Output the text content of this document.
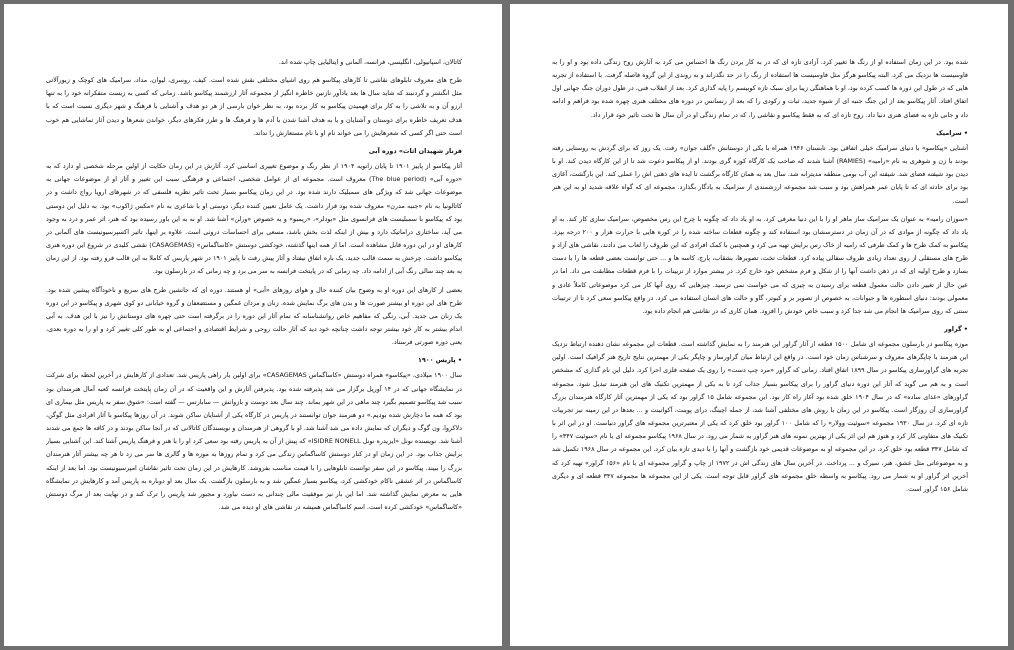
کاتالان، اسپانیولی، انگلیسی، فرانسه، آلمانی و ایتالیایی چاپ شده اند.

طرح های معروف تابلوهای نقاشی تا کارهای پیکاسو هم روی اشیای مختلفی نقش شده است. کیف، روسری، لیوان، مداد، سرامیک های کوچک و زیورآلاتی مثل انگشتر و گردنبند که شاید سال ها بعد یادآور نازنین خاطره انگیز از مجموعه آثار ارزشمند پیکاسو باشد. زمانی که کسی به زیست متفکرانه خود را به تنها ارزو آن و به تلاشی را به کار برای فهمیدن پیکاسو به کار برده بود، به نظر خوان بارسی از هر دو هدف و آشنایی با فرهنگ و شهر دیگری نسبت است که با هدف تعریف خاطره برای دوستان و آشنایان و یا به هدف آشنا شدن با آدم ها و فرهنگ ها و طرز فکرهای دیگر، خواندن شعرها و دیدن آثار تماشایی هم خوب است حتی اگر کسی که شعرهایش را می خواند نام او با نام مستعارش را نداند.

فرنار شهیدان اثاث» دوره آبی

آثار پیکاسو از پاییز ۱۹۰۱ تا پایان زانویه ۱۹۰۴ از نظر رنگ و موضوع تغییری اساسی کرد. آثارش در این زمان حکایت از اولین مرحله شخصی او دارد که به «دوره آبی» (The blue period) معروف است. مجموعه ای از عوامل شخصی، اجتماعی و فرهنگی سبب این تغییر و آثار او از موضوعات جهانی به موضوعات جهانی شد که ویژگی های سمبلیک دارند شده بود. در این زمان پیکاسو بسیار تحت تاثیر نظریه فلسفی که در شهرهای اروپا رواج داشت و در کاتالونیا به نام «جنبه مدرن» معروف شده بود قرار داشت. یک عامل تعیین کننده دیگر، دوستی او با شاعری به نام «مکس ژاکوب» بود. به دلیل این دوستی بود که پیکاسو با سمبلیست های فرانسوی مثل «بودلر»، «ریمبو» و به خصوص «ورلن» آشنا شد. او نه به این باور رسیده بود که هنر، اثر عمر و درد به وجود می آید، ساختاری دراماتیک دارد و بیش از اینکه لذت بخش باشد، مسعی برای احساسات درونی است. علاوه بر اینها، تاثیر اکسپرسیونیست های آلمانی در کارهای او در این دوره قابل مشاهده است. اما از همه اینها گذشته، خودکشی دوستش «کاساگماس» (CASAGEMAS) نقشی کلیدی در شروع این دوره هنری پیکاسو داشت. چرخش به سمت قالب جدید، یک باره اتفاق نیفتاد و آثار پیش رفت تا پاییز ۱۹۰۱ در شهر پاریس که کاملا به این قالب فرو رفته بود. از این زمان به بعد چند سالی رنگ آبی از ادامه داد. چه زمانی که در پایتخت فرانسه به سر می برد و چه زمانی که در بارسلون بود.

بعضی از کارهای این دوره او به وضوح بیان کننده حال و هوای روزهای «آبی» او هستند. دوره ای که جانشین طرح های سریع و ناخودآگاه پیشین شده بود. طرح های این دوره او بیشتر صورت ها و بدن های برگ نمایش شده. زنان و مردان غمگین و مستضعفان و گروه خیابانی دو کوی شهری و پیکاسو در این دوره یک زنان می جدید. آبی، رنگی که مفاهیم خاص روانشناسانه که تمام آثار این دوره را در برگرفته است حتی چهره های دوستانش را نیز با این هدف. به آبی اندام بیشتر به کار خود بیشتر توجه داشت چنانچه خود دید که آثار حالت روحی و شرایط اقتصادی و اجتماعی او به طور کلی تغییر کرد و او را به دوره بعدی، یعنی دوره صورتی فرستاد.

• پاریس ۱۹۰۰

سال ۱۹۰۰ میلادی، «پیکاسو» همراه دوستش «کاساگماس CASAGEMAS» برای اولین بار راهی پاریس شد. تعدادی از کارهایش در آخرین لحظه برای شرکت در نمایشگاه جهانی که در ۱۴ آوریل برگزار می شد پذیرفته شده بود. پذیرفتن آثارش و این واقعیت که در آن زمان پایتخت فرانسه کعبه آمال هنرمندان بود سبب شد پیکاسو تصمیم بگیرد چند ماهی در این شهر بماند. چند سال بعد دوست و بازوانش — سابارتس — گفته است: «شوق سفر به پاریس مثل بیماری ای بود که همه ما دچارش شده بودیم.» دو هنرمند جوان توانستند در پاریس در کارگاه یکی از آشنایان ساکن شوند. در آن روزها پیکاسو با آثار افرادی مثل گوگن، دلاکروا، ون گوگ و دیگران که نمایش داده می شد آشنا شد. او با گروهی از هنرمندان و نویسندگان کاتالانی که در آنجا ساکن بودند و در کافه ها جمع می شدند آشنا شد. نویسنده نونل «ایزیدره نونل ISIDRE NONELL» که پیش از آن به پاریس رفته بود سعی کرد او را با هنر و فرهنگ پاریس آشنا کند. این آشنایی بسیار برایش جذاب بود. در این زمان او در کنار دوستش کاساگماس زندگی می کرد و تمام روزها به موزه ها و گالری ها سر می زد تا هر چه بیشتر آثار هنرمندان بزرگ را ببیند. پیکاسو در این سفر توانست تابلوهایی را با قیمت مناسب بفروشد. کارهایش در این زمان تحت تاثیر نقاشان امپرسیونیست بود. اما بعد از اینکه کاساگماس در اثر عشقی ناکام خودکشی کرد، پیکاسو بسیار غمگین شد و به بارسلون بازگشت. یک سال بعد او دوباره به پاریس آمد و کارهایش در نمایشگاه هایی به معرض نمایش گذاشته شد. اما این بار نیز موفقیت مالی چندانی به دست نیاورد و مجبور شد پاریس را ترک کند و در نهایت بعد از مرگ دوستش «کاساگماس» خودکشی کرده است. اسم کاساگماس همیشه در نقاشی های او دیده می شد.

شده بود. در این زمان استفاده او از رنگ ها تغییر کرد. آزادی تازه ای که در به کار بردن رنگ ها احساس می کرد به آثارش روح زندگی داده بود و او را به فاوسیست ها نزدیک می کرد. البته پیکاسو هرگز مثل فاوسیست ها استفاده از رنگ را در حد نگذراند و به روندی از این گروه فاصله گرفت. با استفاده از تجربه هایی که در طول این دوره ها کسب کرده بود، او با هماهنگی زیبا برای سبک تازه کوبیسم را پایه گذاری کرد. بعد از انقلاب فنی، در طول دوران جنگ جهانی اول اتفاق افتاد. آثار پیکاسو بعد از این جنگ جنبه ای از شیوه جدید، ثبات و رکودی را که بعد از رنسانس در دوره های مختلف هنری چهره شده بود فراهم و ادامه داد و جانی تازه به فضای هنری دنیا داد. روح تازه ای که به فقط پیکاسو و نقاشی را، که در تمام زندگی او در آن سال ها تحت تاثیر خود قرار داد.

• سرامیک

آشنایی «پیکاسو» با دنیای سرامیک خیلی اتفاقی بود. تابستان ۱۹۴۶ همراه با یکی از دوستانش «گلف جوان» رفت. یک روز که برای گردش به روستایی رفته بودند با زن و شوهری به نام «رامیه» (RAMIES) آشنا شدند که صاحب یک کارگاه کوزه گری بودند. او از پیکاسو دعوت شد تا از این کارگاه دیدن کند. او با دیدن بود شیفته فضای شد. شیفته این آب بومی منطقه مدیترانه شد. سال بعد به همان کارگاه برگشت تا ایده های ذهنی اش را عملی کند. این بارگشت، آغازی بود برای حادثه ای که تا پایان عمر همراهش بود و سبب شد مجموعه ارزشمندی از سرامیک به یادگار بگذارد. مجموعه ای که گواه علاقه شدید او به این هنر است.

«سوزان رامیه» به عنوان یک سرامیک ساز ماهر او را با این دنیا معرفی کرد. به او یاد داد که چگونه با چرخ این رس مخصوص، سرامیک سازی کار کند. به او یاد داد که چگونه از موادی که در آن زمان در دسترسشان بود استفاده کند و چگونه قطعات ساخته شده را در کوره هایی با حرارت هزار و ۲۰۰ درجه بپزد. پیکاسو به کمک طرح ها و کمک طرفی که رامیه از خاک رس برایش تهیه می کرد و همچنین با کمک افرادی که این ظروف را لعاب می دادند، نقاشی های آزاد و طرح های مستقلی از روی تعداد زیادی ظروف سفالی پیاده کرد. قطعات تخت، تصویرها، بشقاب، پارچ، کاسه ها و ... حتی توانست بعضی قطعه ها را با دست بسازد و طرح اولیه ای که در ذهن داشت آنها را از شکل و فرم مشخص خود خارج کرد. در بیشتر موارد از تزیینات را با فرم قطعات مطابقت می داد. اما در عین حال از تغییر دادن حالت معمول قطعه برای رسیدن به چیزی که می خواست نمی ترسید. چیزهایی که روی آنها کار می کرد موضوعاتی کاملاً عادی و معمولی بودند: دنیای اسطوره ها و حیوانات، به خصوص از تصویر بز و کبوتر، گاو و حالت های انسان استفاده می کرد. در واقع پیکاسو سعی کرد تا از ترتیبات سنتی که روی سرامیک ها انجام می شد جدا کرد و سبب خاص خودش را افزود. همان کاری که در نقاشی هم انجام داده بود.

• گراور

موزه پیکاسو در بارسلون مجموعه ای شامل ۱۵۰۰ قطعه از آثار گراور این هنرمند را به نمایش گذاشته است. قطعات این مجموعه نشان دهنده ارتباط نزدیک این هنرمند با چاپگرهای معروف و سرشناس زمان خود است. در واقع این ارتباط میان گراورساز و چاپگر یکی از مهمترین نتایج تاریخ هنر گرافیک است. اولین تجربه های گراورسازی پیکاسو در سال ۱۸۹۹ اتفاق افتاد. زمانی که گراور «مرد چپ دست» را روی یک صفحه فلزی اجرا کرد. دلیل این نام گذاری که مشخص است و به هم می گوید که آثار این دوره دنیای گراور را برای پیکاسو بسیار جذاب کرد تا به یکی از مهمترین تکنیک های این هنرمند تبدیل شود. مجموعه گراورهای «غذای ساده» که در سال ۱۹۰۴ خلق شده بود آغاز راه کار بود. این مجموعه شامل ۱۵ گراور بود که یکی از مهمترین آثار کارگاه هنرمندان بزرگ گراورسازی آن روزگار است. پیکاسو در این زمان با روش های مختلفی آشنا شد، از جمله اچینگ، درای پوینت، آکواتینت و ... بعدها در این زمینه نیز تجربیات تازه ای کرد. در سال ۱۹۳۰ مجموعه «سوئیت وولار» را که شامل ۱۰۰ گراور بود خلق کرد که یکی از معتبرترین مجموعه های گراور دنیاست. او در این اثر با تکنیک های متفاوتی کار کرد و هنوز هم این اثر یکی از بهترین نمونه های هنر گراور به شمار می رود. در سال ۱۹۶۸ پیکاسو مجموعه ای با نام «سوئیت ۳۴۷» را که شامل ۳۴۷ قطعه بود خلق کرد. در این مجموعه او به موضوعات قدیمی خود بازگشت و آنها را با دیدی تازه بیان کرد. این مجموعه در سال ۱۹۶۸ تکمیل شد و به موضوعاتی مثل عشق، هنر، سیرک و ... پرداخت. در آخرین سال های زندگی اش در ۱۹۷۲ از چاپ و گراور مجموعه ای با نام «۱۵۶ گراور» تهیه کرد که آخرین اثر گراور او به شمار می رود. پیکاسو به واسطه خلق مجموعه های گراور قابل توجه است. یکی از این مجموعه ها مجموعه ۳۴۷ قطعه ای و دیگری شامل ۱۵۶ گراور است.
